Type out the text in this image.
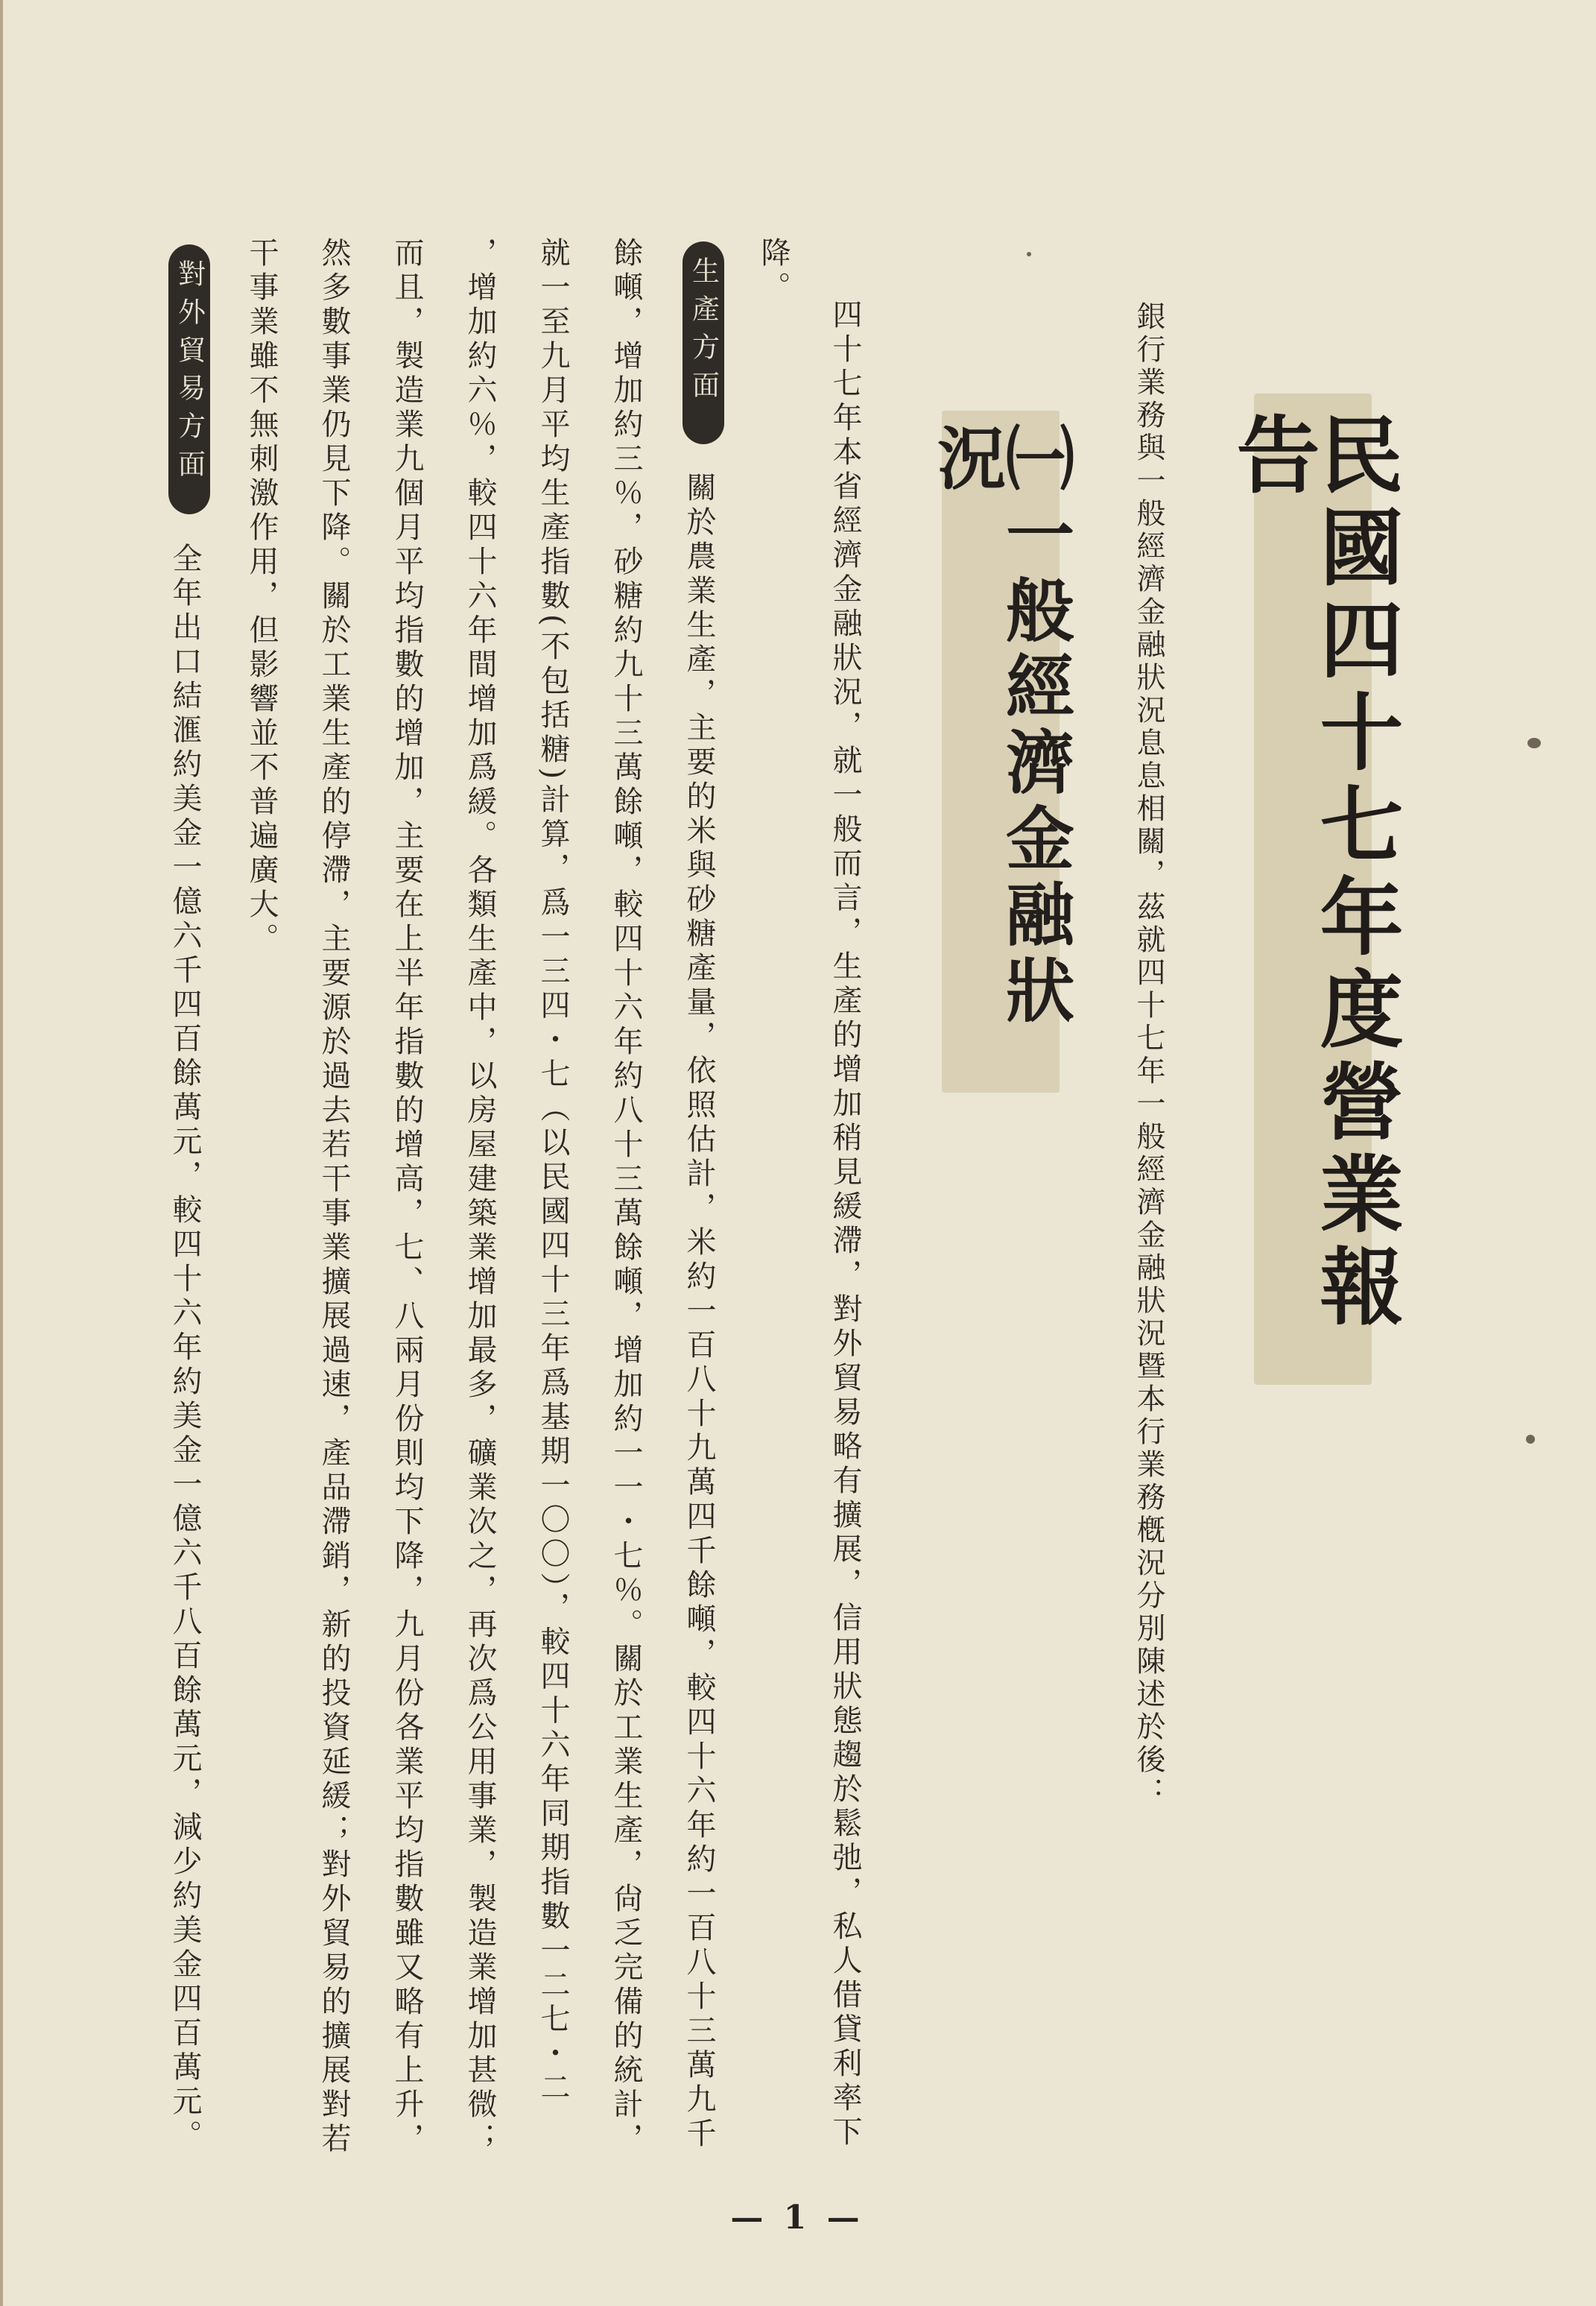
民國四十七年度營業報告
銀行業務與一般經濟金融狀況息息相關，茲就四十七年一般經濟金融狀況暨本行業務槪況分別陳述於後：
㈠一般經濟金融狀況
四十七年本省經濟金融狀況，就一般而言，生產的增加稍見緩滯，對外貿易略有擴展，信用狀態趨於鬆弛，私人借貸利率下
降。
生產方面
關於農業生產，主要的米與砂糖產量，依照估計，米約一百八十九萬四千餘噸，較四十六年約一百八十三萬九千
餘噸，增加約三％，砂糖約九十三萬餘噸，較四十六年約八十三萬餘噸，增加約一一・七％。關於工業生產，尙乏完備的統計，
就一至九月平均生產指數(不包括糖)計算，爲一三四・七（以民國四十三年爲基期一〇〇），較四十六年同期指數一二七・二
，增加約六％，較四十六年間增加爲緩。各類生產中，以房屋建築業增加最多，礦業次之，再次爲公用事業，製造業增加甚微；
而且，製造業九個月平均指數的增加，主要在上半年指數的增高，七、八兩月份則均下降，九月份各業平均指數雖又略有上升，
然多數事業仍見下降。關於工業生產的停滯，主要源於過去若干事業擴展過速，產品滯銷，新的投資延緩；對外貿易的擴展對若
干事業雖不無刺激作用，但影響並不普遍廣大。
對外貿易方面
全年出口結滙約美金一億六千四百餘萬元，較四十六年約美金一億六千八百餘萬元，減少約美金四百萬元。
— 1 —
